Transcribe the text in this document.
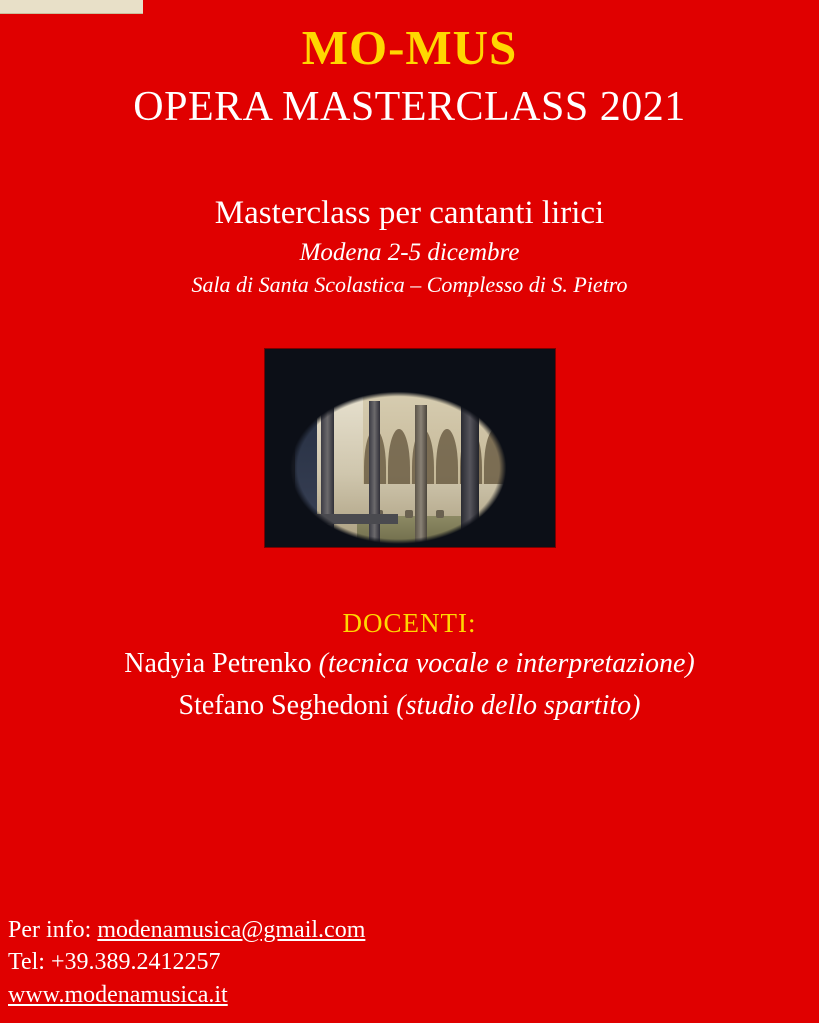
MO-MUS
OPERA MASTERCLASS 2021
Masterclass per cantanti lirici
Modena 2-5 dicembre
Sala di Santa Scolastica – Complesso di S. Pietro
DOCENTI:
Nadyia Petrenko (tecnica vocale e interpretazione)
Stefano Seghedoni (studio dello spartito)
Per info: modenamusica@gmail.com
Tel: +39.389.2412257
www.modenamusica.it
